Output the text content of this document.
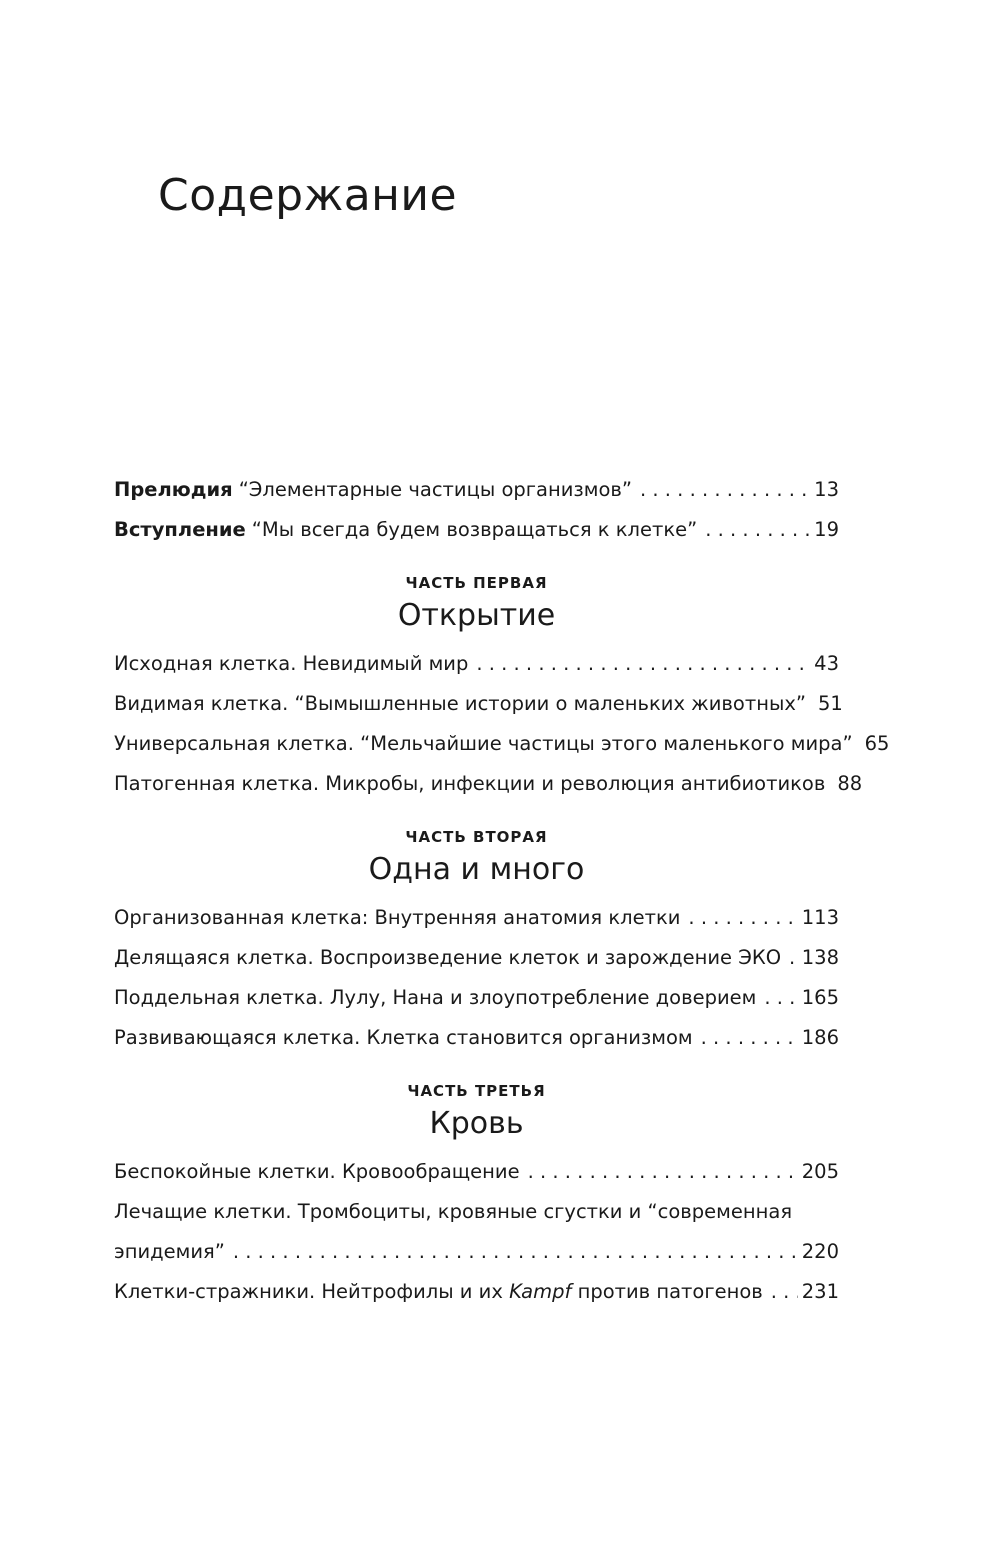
Содержание
Прелюдия “Элементарные частицы организмов” . . .	13
Вступление “Мы всегда будем возвращаться к клетке” . . .	19
ЧАСТЬ ПЕРВАЯ
Открытие
Исходная клетка. Невидимый мир . . .	43
Видимая клетка. “Вымышленные истории о маленьких животных” 51
Универсальная клетка. “Мельчайшие частицы этого маленького мира” 65
Патогенная клетка. Микробы, инфекции и революция антибиотиков 88
ЧАСТЬ ВТОРАЯ
Одна и много
Организованная клетка: Внутренняя анатомия клетки . . .	113
Делящаяся клетка. Воспроизведение клеток и зарождение ЭКО . . . 138
Поддельная клетка. Лулу, Нана и злоупотребление доверием . . . 165
Развивающаяся клетка. Клетка становится организмом . . .	186
ЧАСТЬ ТРЕТЬЯ
Кровь
Беспокойные клетки. Кровообращение . . .	205
Лечащие клетки. Тромбоциты, кровяные сгустки и “современная
эпидемия” . . .	220
Клетки-стражники. Нейтрофилы и их Kampf против патогенов . . . 231
